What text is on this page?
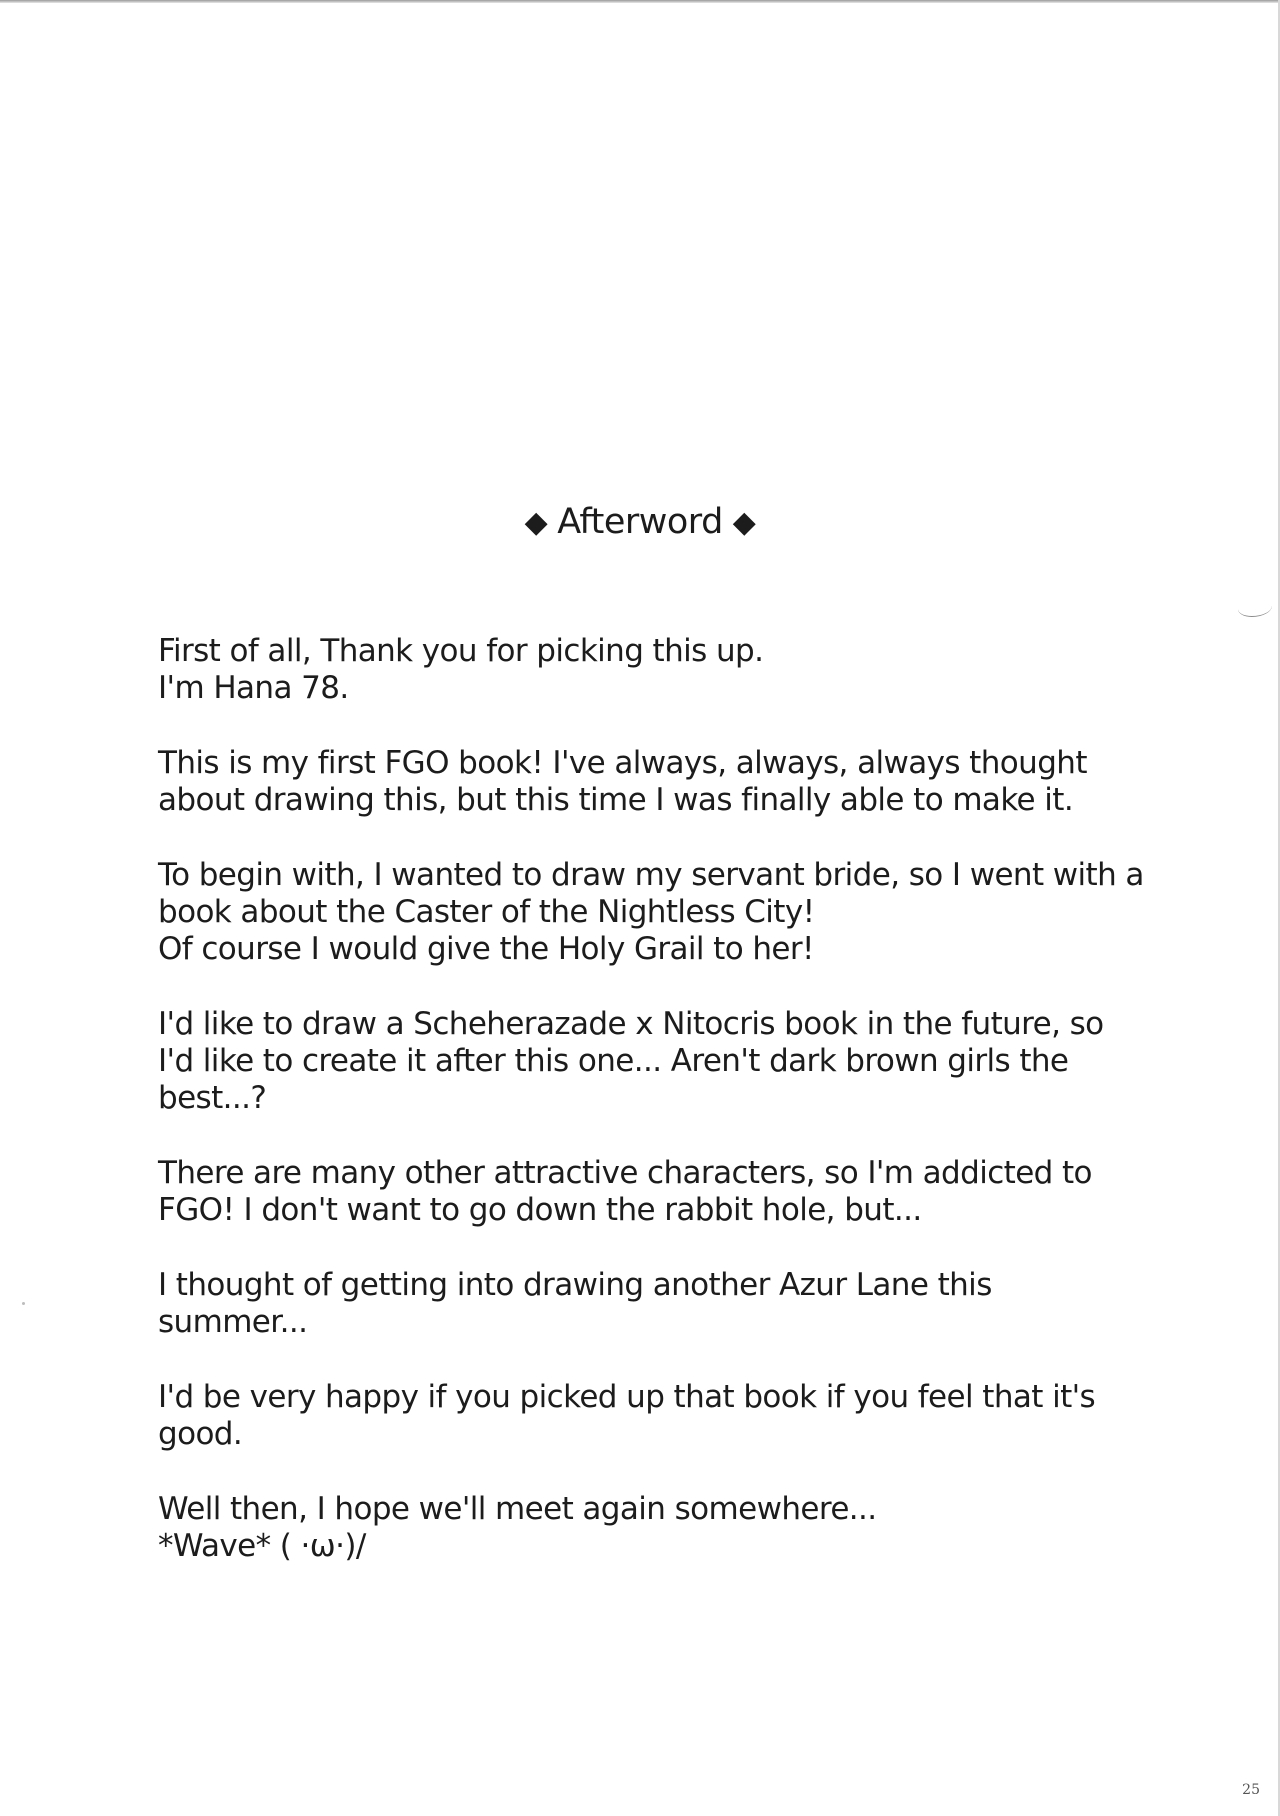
◆ Afterword ◆
First of all, Thank you for picking this up.
I'm Hana 78.
This is my first FGO book! I've always, always, always thought
about drawing this, but this time I was finally able to make it.
To begin with, I wanted to draw my servant bride, so I went with a
book about the Caster of the Nightless City!
Of course I would give the Holy Grail to her!
I'd like to draw a Scheherazade x Nitocris book in the future, so
I'd like to create it after this one... Aren't dark brown girls the
best...?
There are many other attractive characters, so I'm addicted to
FGO! I don't want to go down the rabbit hole, but...
I thought of getting into drawing another Azur Lane this
summer...
I'd be very happy if you picked up that book if you feel that it's
good.
Well then, I hope we'll meet again somewhere...
*Wave* ( ·ω·)/
25
